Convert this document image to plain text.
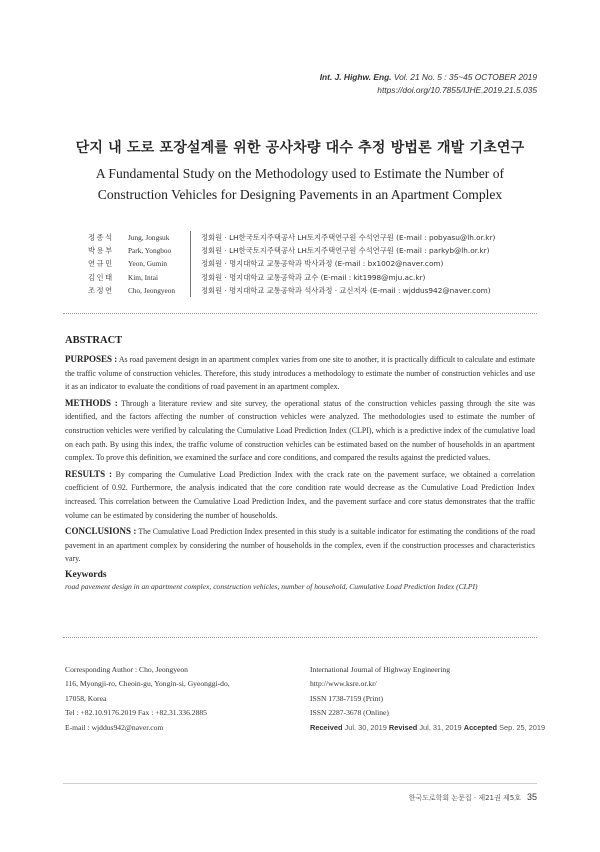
Int. J. Highw. Eng. Vol. 21 No. 5 : 35~45 OCTOBER 2019
https://doi.org/10.7855/IJHE.2019.21.5.035
단지 내 도로 포장설계를 위한 공사차량 대수 추정 방법론 개발 기초연구
A Fundamental Study on the Methodology used to Estimate the Number of
Construction Vehicles for Designing Pavements in an Apartment Complex
정종석	Jung, Jongsuk	정회원 · LH한국토지주택공사 LH토지주택연구원 수석연구원 (E-mail : pobyasu@lh.or.kr)
박용부	Park, Yongboo	정회원 · LH한국토지주택공사 LH토지주택연구원 수석연구원 (E-mail : parkyb@lh.or.kr)
연규민	Yeon, Gumin	정회원 · 명지대학교 교통공학과 박사과정 (E-mail : bx1002@naver.com)
김인태	Kim, Intai	정회원 · 명지대학교 교통공학과 교수 (E-mail : kit1998@mju.ac.kr)
조정연	Cho, Jeongyeon	정회원 · 명지대학교 교통공학과 석사과정 · 교신저자 (E-mail : wjddus942@naver.com)
ABSTRACT

PURPOSES : As road pavement design in an apartment complex varies from one site to another, it is practically difficult to calculate and estimate the traffic volume of construction vehicles. Therefore, this study introduces a methodology to estimate the number of construction vehicles and use it as an indicator to evaluate the conditions of road pavement in an apartment complex.

METHODS : Through a literature review and site survey, the operational status of the construction vehicles passing through the site was identified, and the factors affecting the number of construction vehicles were analyzed. The methodologies used to estimate the number of construction vehicles were verified by calculating the Cumulative Load Prediction Index (CLPI), which is a predictive index of the cumulative load on each path. By using this index, the traffic volume of construction vehicles can be estimated based on the number of households in an apartment complex. To prove this definition, we examined the surface and core conditions, and compared the results against the predicted values.

RESULTS : By comparing the Cumulative Load Prediction Index with the crack rate on the pavement surface, we obtained a correlation coefficient of 0.92. Furthermore, the analysis indicated that the core condition rate would decrease as the Cumulative Load Prediction Index increased. This correlation between the Cumulative Load Prediction Index, and the pavement surface and core status demonstrates that the traffic volume can be estimated by considering the number of households.

CONCLUSIONS : The Cumulative Load Prediction Index presented in this study is a suitable indicator for estimating the conditions of the road pavement in an apartment complex by considering the number of households in the complex, even if the construction processes and characteristics vary.

Keywords
road pavement design in an apartment complex, construction vehicles, number of household, Cumulative Load Prediction Index (CLPI)
Corresponding Author : Cho, Jeongyeon
116, Myongji-ro, Cheoin-gu, Yongin-si, Gyeonggi-do,
17058, Korea
Tel : +82.10.9176.2019 Fax : +82.31.336.2885
E-mail : wjddus942@naver.com
International Journal of Highway Engineering
http://www.ksre.or.kr/
ISSN 1738-7159 (Print)
ISSN 2287-3678 (Online)
Received Jul. 30, 2019 Revised Jul. 31, 2019 Accepted Sep. 25, 2019
한국도로학회 논문집 · 제21권 제5호 35
